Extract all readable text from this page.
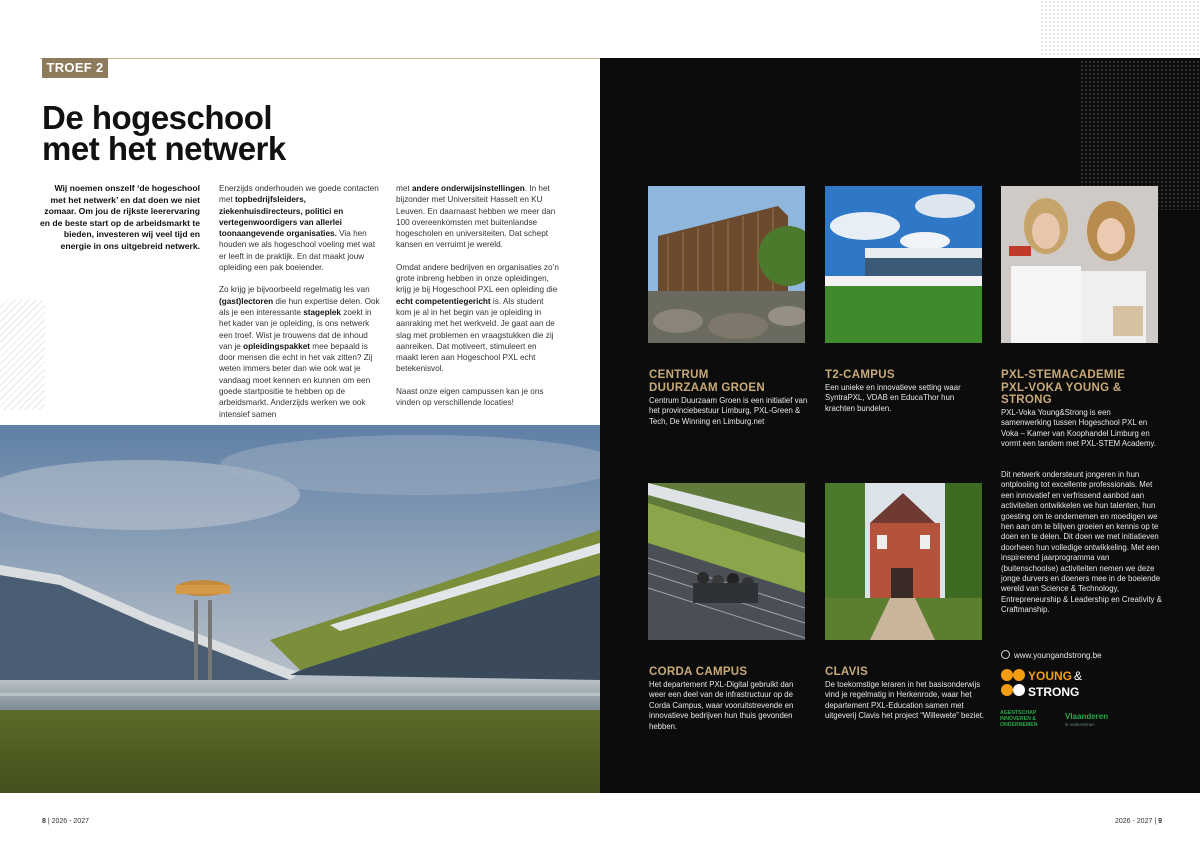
TROEF 2
De hogeschool
met het netwerk
Wij noemen onszelf ‘de hogeschool met het netwerk’ en dat doen we niet zomaar. Om jou de rijkste leerervaring en de beste start op de arbeidsmarkt te bieden, investeren wij veel tijd en energie in ons uitgebreid netwerk.

Enerzijds onderhouden we goede contacten met topbedrijfsleiders, ziekenhuisdirecteurs, politici en vertegenwoordigers van allerlei toonaangevende organisaties. Via hen houden we als hogeschool voeling met wat er leeft in de praktijk. En dat maakt jouw opleiding een pak boeiender.

Zo krijg je bijvoorbeeld regelmatig les van (gast)lectoren die hun expertise delen. Ook als je een interessante stageplek zoekt in het kader van je opleiding, is ons netwerk een troef. Wist je trouwens dat de inhoud van je opleidingspakket mee bepaald is door mensen die echt in het vak zitten? Zij weten immers beter dan wie ook wat je vandaag moet kennen en kunnen om een goede startpositie te hebben op de arbeidsmarkt. Anderzijds werken we ook intensief samen

met andere onderwijsinstellingen. In het bijzonder met Universiteit Hasselt en KU Leuven. En daarnaast hebben we meer dan 100 overeenkomsten met buitenlandse hogescholen en universiteiten. Dat schept kansen en verruimt je wereld.

Omdat andere bedrijven en organisaties zo’n grote inbreng hebben in onze opleidingen, krijg je bij Hogeschool PXL een opleiding die echt competentiegericht is. Als student kom je al in het begin van je opleiding in aanraking met het werkveld. Je gaat aan de slag met problemen en vraagstukken die zij aanreiken. Dat motiveert, stimuleert en maakt leren aan Hogeschool PXL echt betekenisvol.

Naast onze eigen campussen kan je ons vinden op verschillende locaties!

8 | 2026 - 2027	2026 - 2027 | 9
CENTRUM
DUURZAAM GROEN
Centrum Duurzaam Groen is een initiatief van het provinciebestuur Limburg, PXL-Green & Tech, De Winning en Limburg.net
T2-CAMPUS
Een unieke en innovatieve setting waar SyntraPXL, VDAB en EducaThor hun krachten bundelen.
PXL-STEMACADEMIE
PXL-VOKA YOUNG &
STRONG
PXL-Voka Young&Strong is een samenwerking tussen Hogeschool PXL en Voka – Kamer van Koophandel Limburg en vormt een tandem met PXL-STEM Academy.
Dit netwerk ondersteunt jongeren in hun ontplooiing tot excellente professionals. Met een innovatief en verfrissend aanbod aan activiteiten ontwikkelen we hun talenten, hun goesting om te ondernemen en moedigen we hen aan om te blijven groeien en kennis op te doen en te delen. Dit doen we met initiatieven doorheen hun volledige ontwikkeling. Met een inspirerend jaarprogramma van (buitenschoolse) activiteiten nemen we deze jonge durvers en doeners mee in de boeiende wereld van Science & Technology, Entrepreneurship & Leadership en Creativity & Craftmanship.
CORDA CAMPUS
Het departement PXL-Digital gebruikt dan weer een deel van de infrastructuur op de Corda Campus, waar vooruitstrevende en innovatieve bedrijven hun thuis gevonden hebben.
CLAVIS
De toekomstige leraren in het basisonderwijs vind je regelmatig in Herkenrode, waar het departement PXL-Education samen met uitgeverij Clavis het project “Willewete” beziet.
www.youngandstrong.be
YOUNG &
STRONG
AGENTSCHAP
INNOVEREN &
ONDERNEMEN
Vlaanderen
is ondernemen
